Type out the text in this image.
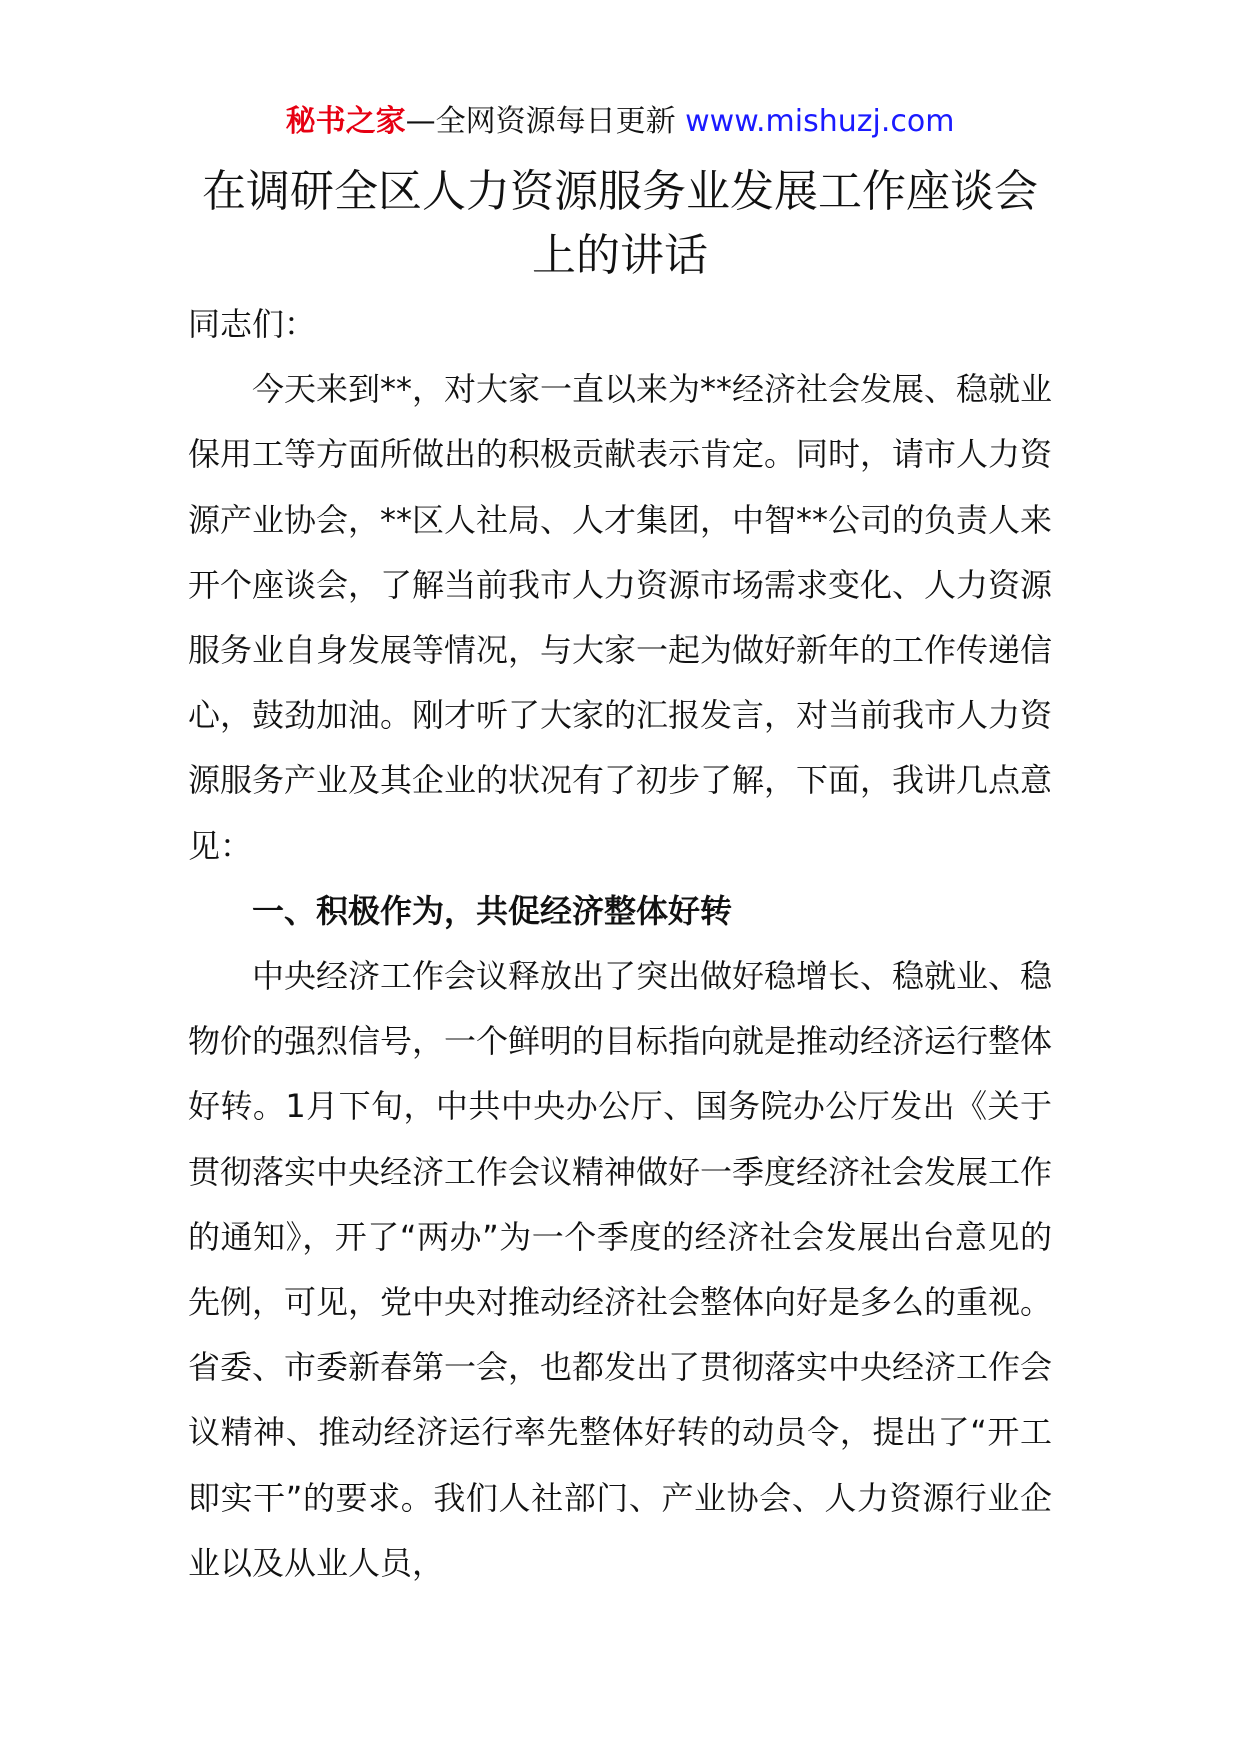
秘书之家—全网资源每日更新 www.mishuzj.com
在调研全区人力资源服务业发展工作座谈会上的讲话

同志们：

今天来到**，对大家一直以来为**经济社会发展、稳就业保用工等方面所做出的积极贡献表示肯定。同时，请市人力资源产业协会，**区人社局、人才集团，中智**公司的负责人来开个座谈会，了解当前我市人力资源市场需求变化、人力资源服务业自身发展等情况，与大家一起为做好新年的工作传递信心，鼓劲加油。刚才听了大家的汇报发言，对当前我市人力资源服务产业及其企业的状况有了初步了解，下面，我讲几点意见：

一、积极作为，共促经济整体好转

中央经济工作会议释放出了突出做好稳增长、稳就业、稳物价的强烈信号，一个鲜明的目标指向就是推动经济运行整体好转。1月下旬，中共中央办公厅、国务院办公厅发出《关于贯彻落实中央经济工作会议精神做好一季度经济社会发展工作的通知》，开了“两办”为一个季度的经济社会发展出台意见的先例，可见，党中央对推动经济社会整体向好是多么的重视。省委、市委新春第一会，也都发出了贯彻落实中央经济工作会议精神、推动经济运行率先整体好转的动员令，提出了“开工即实干”的要求。我们人社部门、产业协会、人力资源行业企业以及从业人员，
